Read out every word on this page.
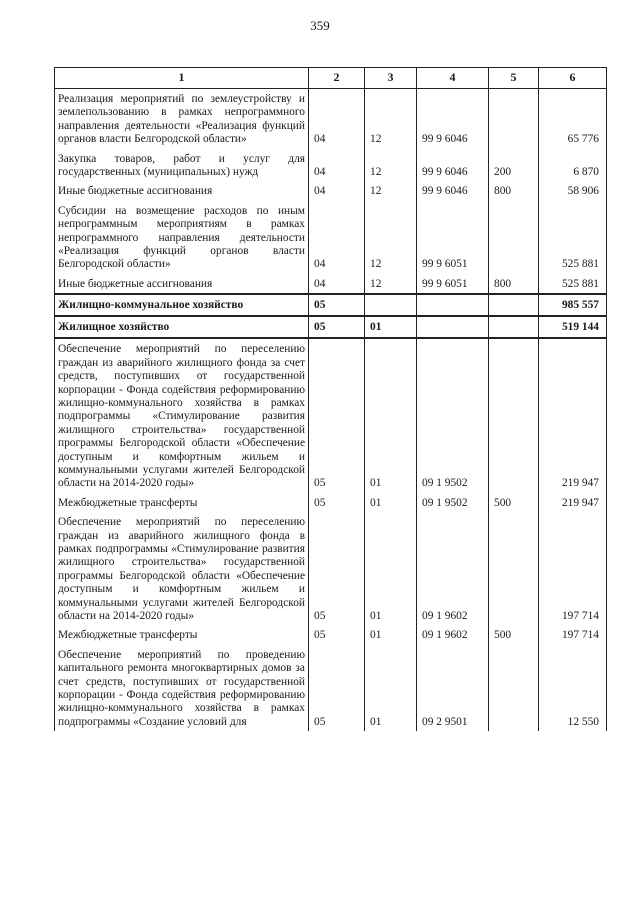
359
1	2	3	4	5	6
Реализация мероприятий по землеустройству и землепользованию в рамках непрограммного направления деятельности «Реализация функций органов власти Белгородской области»	04	12	99 9 6046		65 776
Закупка товаров, работ и услуг для государственных (муниципальных) нужд	04	12	99 9 6046	200	6 870
Иные бюджетные ассигнования	04	12	99 9 6046	800	58 906
Субсидии на возмещение расходов по иным непрограммным мероприятиям в рамках непрограммного направления деятельности «Реализация функций органов власти Белгородской области»	04	12	99 9 6051		525 881
Иные бюджетные ассигнования	04	12	99 9 6051	800	525 881
Жилищно-коммунальное хозяйство	05				985 557
Жилищное хозяйство	05	01			519 144
Обеспечение мероприятий по переселению граждан из аварийного жилищного фонда за счет средств, поступивших от государственной корпорации - Фонда содействия реформированию жилищно-коммунального хозяйства в рамках подпрограммы «Стимулирование развития жилищного строительства» государственной программы Белгородской области «Обеспечение доступным и комфортным жильем и коммунальными услугами жителей Белгородской области на 2014-2020 годы»	05	01	09 1 9502		219 947
Межбюджетные трансферты	05	01	09 1 9502	500	219 947
Обеспечение мероприятий по переселению граждан из аварийного жилищного фонда в рамках подпрограммы «Стимулирование развития жилищного строительства» государственной программы Белгородской области «Обеспечение доступным и комфортным жильем и коммунальными услугами жителей Белгородской области на 2014-2020 годы»	05	01	09 1 9602		197 714
Межбюджетные трансферты	05	01	09 1 9602	500	197 714
Обеспечение мероприятий по проведению капитального ремонта многоквартирных домов за счет средств, поступивших от государственной корпорации - Фонда содействия реформированию жилищно-коммунального хозяйства в рамках подпрограммы «Создание условий для	05	01	09 2 9501		12 550
